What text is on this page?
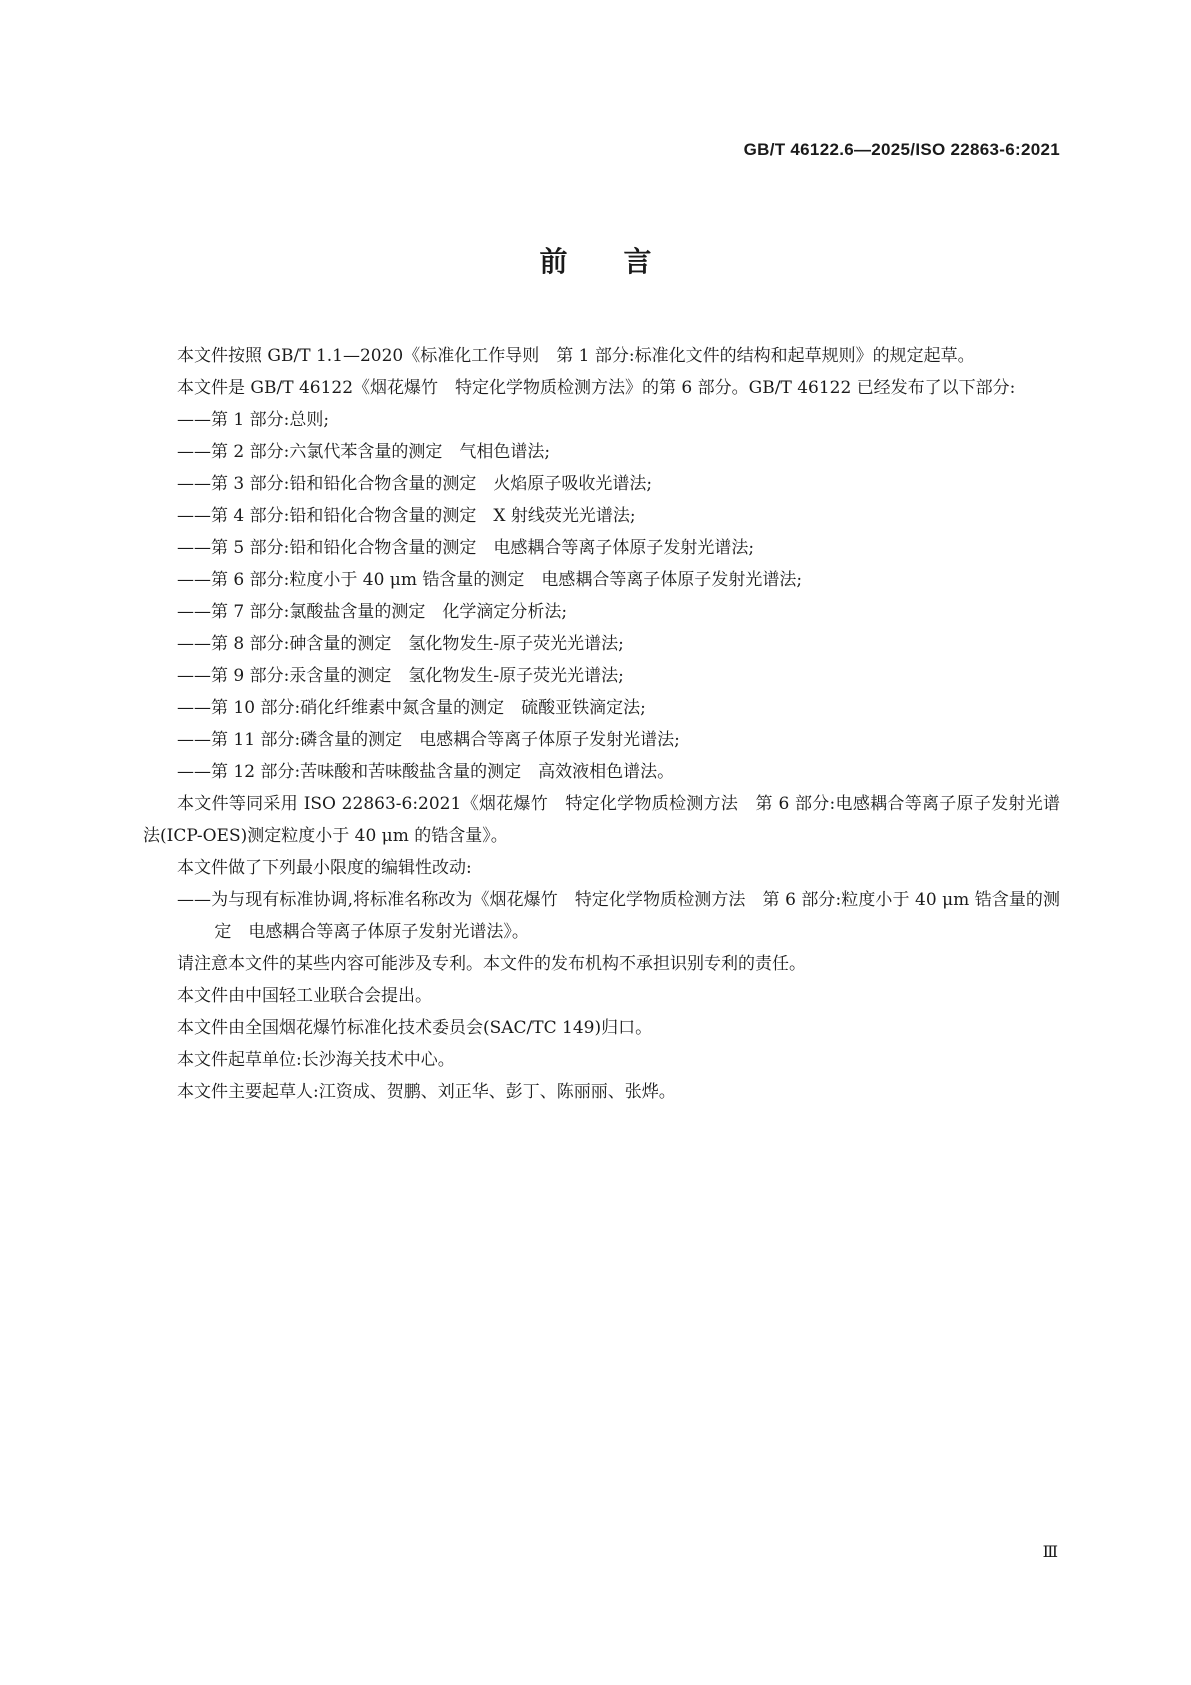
GB/T 46122.6—2025/ISO 22863-6:2021
前言

本文件按照 GB/T 1.1—2020《标准化工作导则　第 1 部分:标准化文件的结构和起草规则》的规定起草。

本文件是 GB/T 46122《烟花爆竹　特定化学物质检测方法》的第 6 部分。GB/T 46122 已经发布了以下部分:

——第 1 部分:总则;

——第 2 部分:六氯代苯含量的测定　气相色谱法;

——第 3 部分:铅和铅化合物含量的测定　火焰原子吸收光谱法;

——第 4 部分:铅和铅化合物含量的测定　X 射线荧光光谱法;

——第 5 部分:铅和铅化合物含量的测定　电感耦合等离子体原子发射光谱法;

——第 6 部分:粒度小于 40 μm 锆含量的测定　电感耦合等离子体原子发射光谱法;

——第 7 部分:氯酸盐含量的测定　化学滴定分析法;

——第 8 部分:砷含量的测定　氢化物发生-原子荧光光谱法;

——第 9 部分:汞含量的测定　氢化物发生-原子荧光光谱法;

——第 10 部分:硝化纤维素中氮含量的测定　硫酸亚铁滴定法;

——第 11 部分:磷含量的测定　电感耦合等离子体原子发射光谱法;

——第 12 部分:苦味酸和苦味酸盐含量的测定　高效液相色谱法。

本文件等同采用 ISO 22863-6:2021《烟花爆竹　特定化学物质检测方法　第 6 部分:电感耦合等离子原子发射光谱法(ICP-OES)测定粒度小于 40 μm 的锆含量》。

本文件做了下列最小限度的编辑性改动:

——为与现有标准协调,将标准名称改为《烟花爆竹　特定化学物质检测方法　第 6 部分:粒度小于 40 μm 锆含量的测定　电感耦合等离子体原子发射光谱法》。

请注意本文件的某些内容可能涉及专利。本文件的发布机构不承担识别专利的责任。

本文件由中国轻工业联合会提出。

本文件由全国烟花爆竹标准化技术委员会(SAC/TC 149)归口。

本文件起草单位:长沙海关技术中心。

本文件主要起草人:江资成、贺鹏、刘正华、彭丁、陈丽丽、张烨。

Ⅲ
